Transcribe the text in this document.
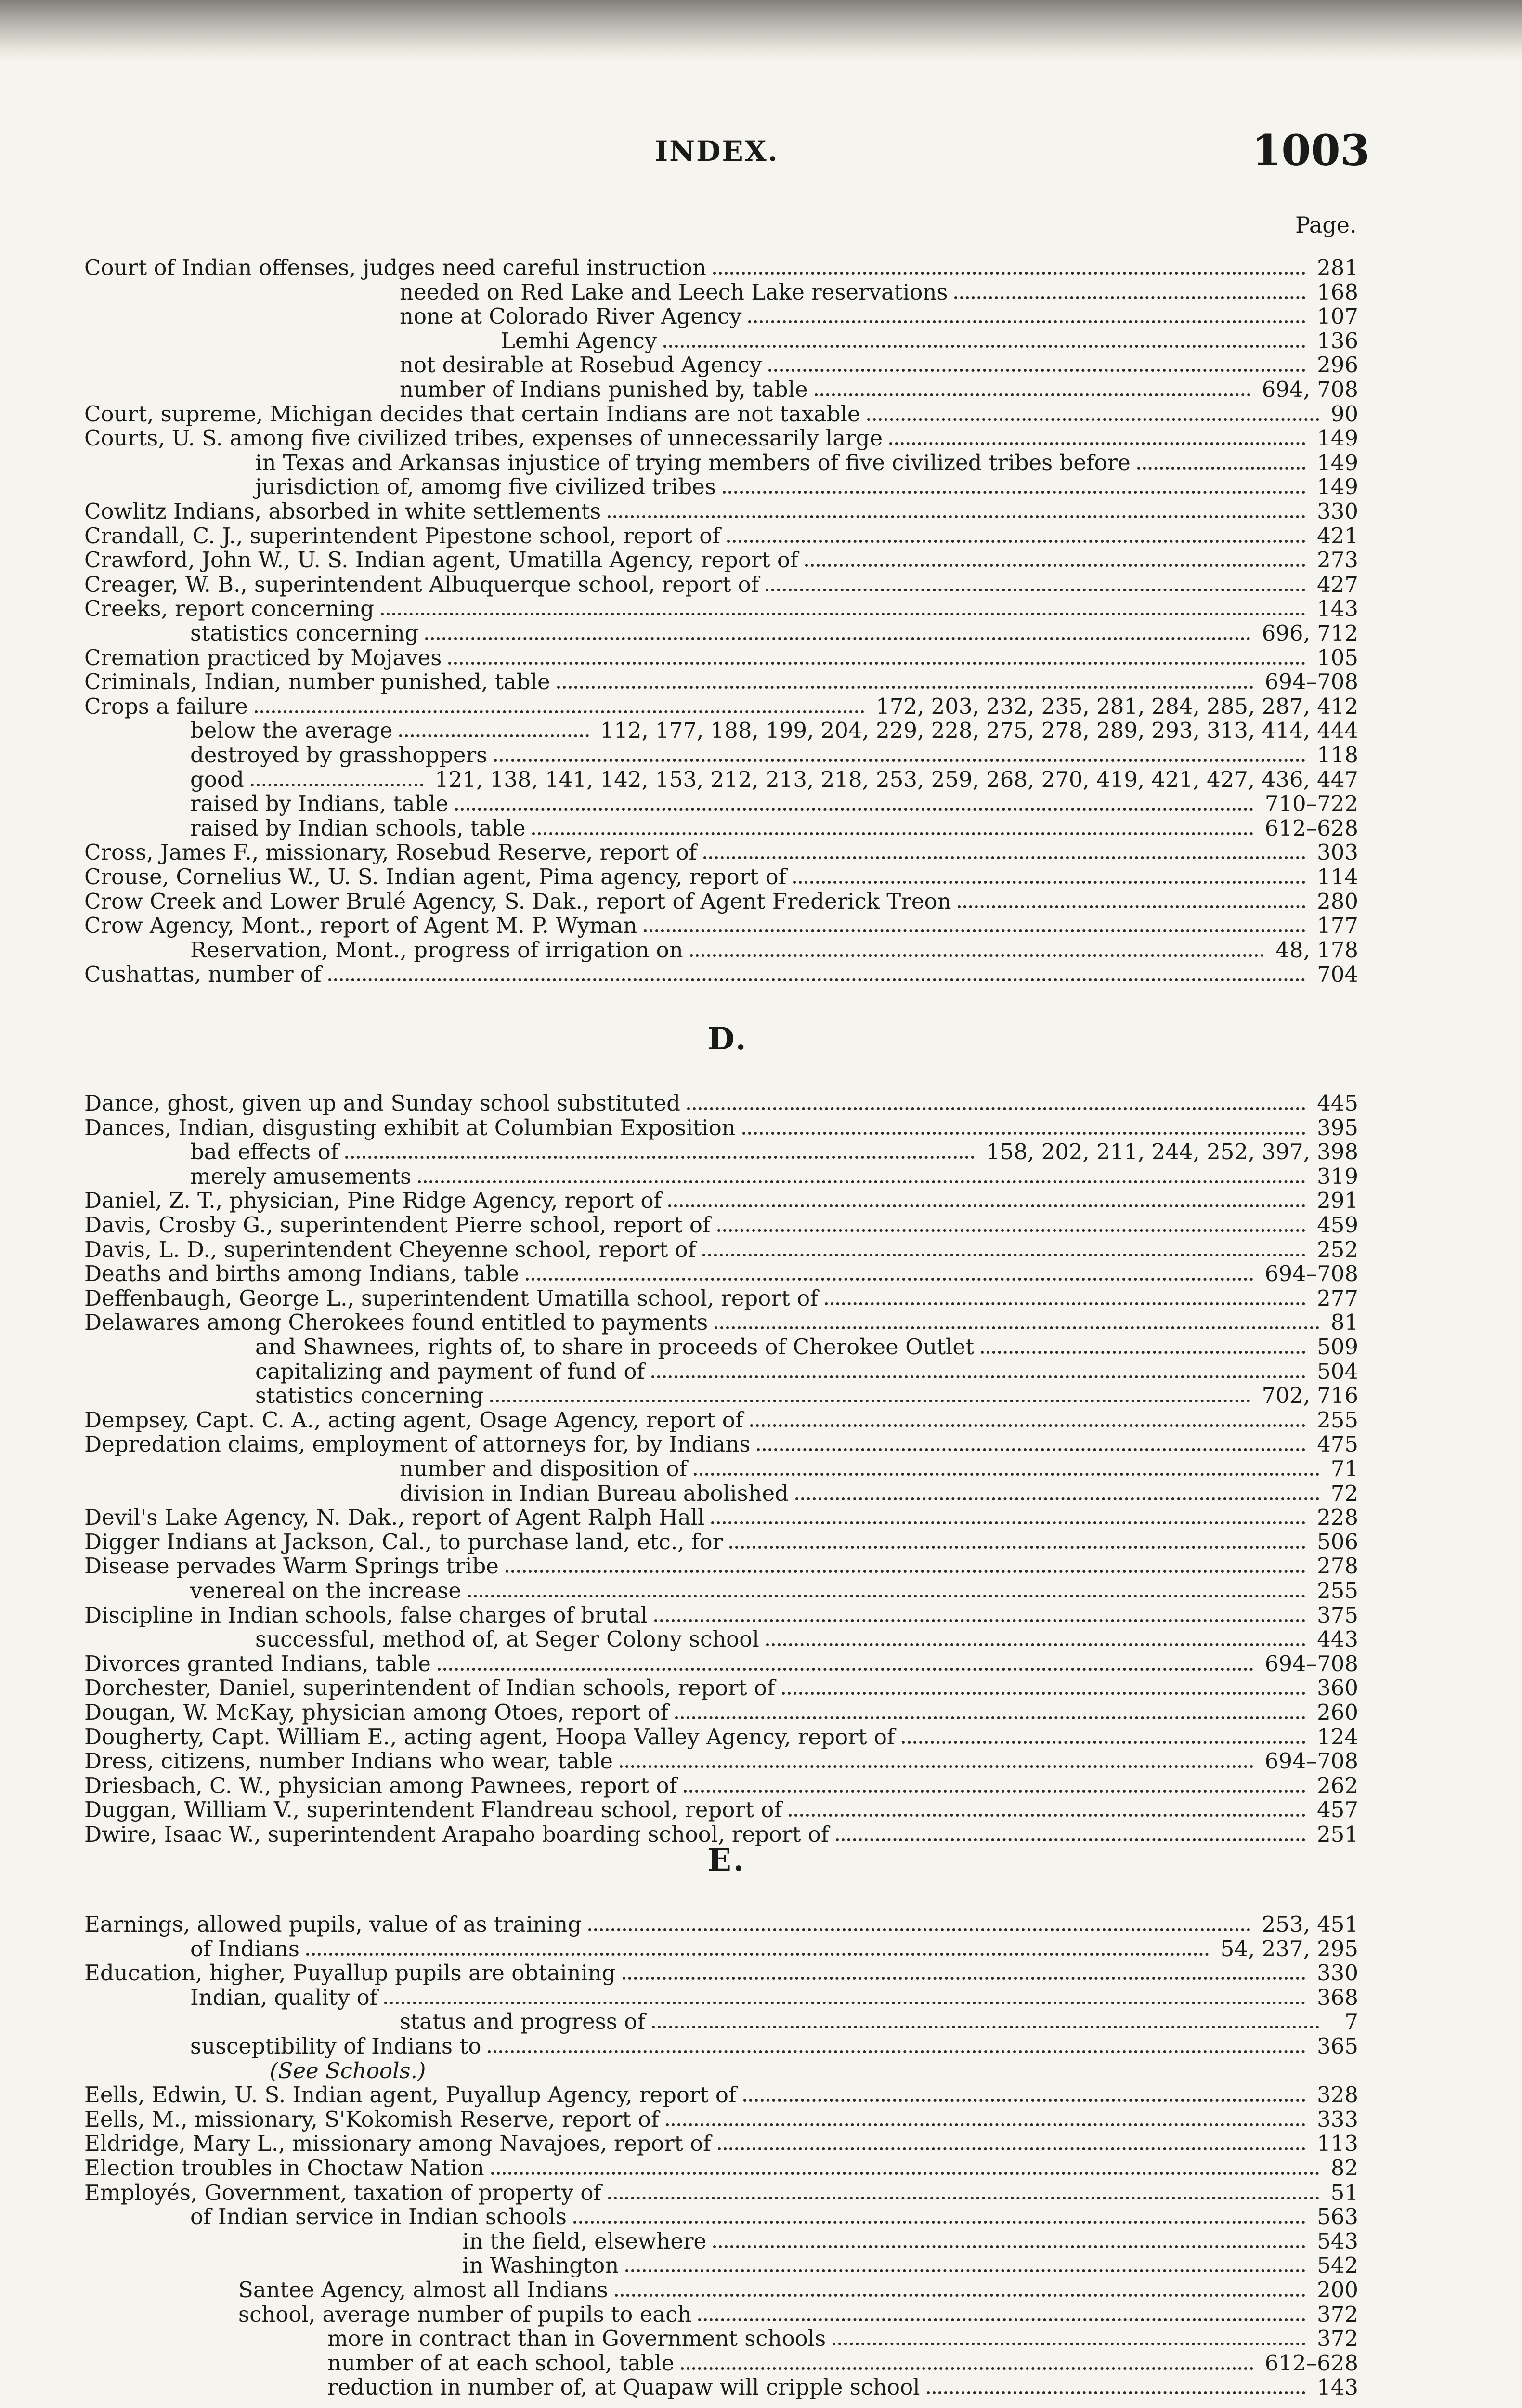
INDEX.	1003
Page.
Court of Indian offenses, judges need careful instruction	281
needed on Red Lake and Leech Lake reservations	168
none at Colorado River Agency	107
Lemhi Agency	136
not desirable at Rosebud Agency	296
number of Indians punished by, table	694, 708
Court, supreme, Michigan decides that certain Indians are not taxable	90
Courts, U. S. among five civilized tribes, expenses of unnecessarily large	149
in Texas and Arkansas injustice of trying members of five civilized tribes before	149
jurisdiction of, amomg five civilized tribes	149
Cowlitz Indians, absorbed in white settlements	330
Crandall, C. J., superintendent Pipestone school, report of	421
Crawford, John W., U. S. Indian agent, Umatilla Agency, report of	273
Creager, W. B., superintendent Albuquerque school, report of	427
Creeks, report concerning	143
statistics concerning	696, 712
Cremation practiced by Mojaves	105
Criminals, Indian, number punished, table	694–708
Crops a failure	172, 203, 232, 235, 281, 284, 285, 287, 412
below the average	112, 177, 188, 199, 204, 229, 228, 275, 278, 289, 293, 313, 414, 444
destroyed by grasshoppers	118
good	121, 138, 141, 142, 153, 212, 213, 218, 253, 259, 268, 270, 419, 421, 427, 436, 447
raised by Indians, table	710–722
raised by Indian schools, table	612–628
Cross, James F., missionary, Rosebud Reserve, report of	303
Crouse, Cornelius W., U. S. Indian agent, Pima agency, report of	114
Crow Creek and Lower Brulé Agency, S. Dak., report of Agent Frederick Treon	280
Crow Agency, Mont., report of Agent M. P. Wyman	177
Reservation, Mont., progress of irrigation on	48, 178
Cushattas, number of	704
D.
Dance, ghost, given up and Sunday school substituted	445
Dances, Indian, disgusting exhibit at Columbian Exposition	395
bad effects of	158, 202, 211, 244, 252, 397, 398
merely amusements	319
Daniel, Z. T., physician, Pine Ridge Agency, report of	291
Davis, Crosby G., superintendent Pierre school, report of	459
Davis, L. D., superintendent Cheyenne school, report of	252
Deaths and births among Indians, table	694–708
Deffenbaugh, George L., superintendent Umatilla school, report of	277
Delawares among Cherokees found entitled to payments	81
and Shawnees, rights of, to share in proceeds of Cherokee Outlet	509
capitalizing and payment of fund of	504
statistics concerning	702, 716
Dempsey, Capt. C. A., acting agent, Osage Agency, report of	255
Depredation claims, employment of attorneys for, by Indians	475
number and disposition of	71
division in Indian Bureau abolished	72
Devil's Lake Agency, N. Dak., report of Agent Ralph Hall	228
Digger Indians at Jackson, Cal., to purchase land, etc., for	506
Disease pervades Warm Springs tribe	278
venereal on the increase	255
Discipline in Indian schools, false charges of brutal	375
successful, method of, at Seger Colony school	443
Divorces granted Indians, table	694–708
Dorchester, Daniel, superintendent of Indian schools, report of	360
Dougan, W. McKay, physician among Otoes, report of	260
Dougherty, Capt. William E., acting agent, Hoopa Valley Agency, report of	124
Dress, citizens, number Indians who wear, table	694–708
Driesbach, C. W., physician among Pawnees, report of	262
Duggan, William V., superintendent Flandreau school, report of	457
Dwire, Isaac W., superintendent Arapaho boarding school, report of	251
E.
Earnings, allowed pupils, value of as training	253, 451
of Indians	54, 237, 295
Education, higher, Puyallup pupils are obtaining	330
Indian, quality of	368
status and progress of	7
susceptibility of Indians to	365
(See Schools.)
Eells, Edwin, U. S. Indian agent, Puyallup Agency, report of	328
Eells, M., missionary, S'Kokomish Reserve, report of	333
Eldridge, Mary L., missionary among Navajoes, report of	113
Election troubles in Choctaw Nation	82
Employés, Government, taxation of property of	51
of Indian service in Indian schools	563
in the field, elsewhere	543
in Washington	542
Santee Agency, almost all Indians	200
school, average number of pupils to each	372
more in contract than in Government schools	372
number of at each school, table	612–628
reduction in number of, at Quapaw will cripple school	143
